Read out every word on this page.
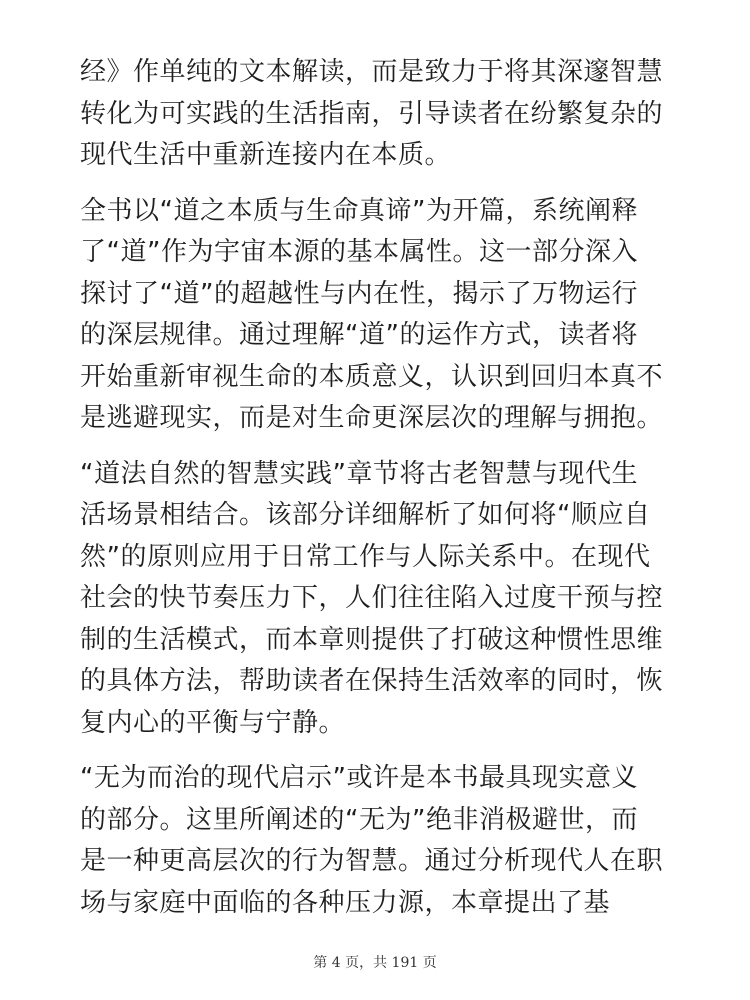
经》作单纯的文本解读，而是致力于将其深邃智慧
转化为可实践的生活指南，引导读者在纷繁复杂的
现代生活中重新连接内在本质。
全书以“道之本质与生命真谛”为开篇，系统阐释
了“道”作为宇宙本源的基本属性。这一部分深入
探讨了“道”的超越性与内在性，揭示了万物运行
的深层规律。通过理解“道”的运作方式，读者将
开始重新审视生命的本质意义，认识到回归本真不
是逃避现实，而是对生命更深层次的理解与拥抱。
“道法自然的智慧实践”章节将古老智慧与现代生
活场景相结合。该部分详细解析了如何将“顺应自
然”的原则应用于日常工作与人际关系中。在现代
社会的快节奏压力下，人们往往陷入过度干预与控
制的生活模式，而本章则提供了打破这种惯性思维
的具体方法，帮助读者在保持生活效率的同时，恢
复内心的平衡与宁静。
“无为而治的现代启示”或许是本书最具现实意义
的部分。这里所阐述的“无为”绝非消极避世，而
是一种更高层次的行为智慧。通过分析现代人在职
场与家庭中面临的各种压力源，本章提出了基
第 4 页，共 191 页
